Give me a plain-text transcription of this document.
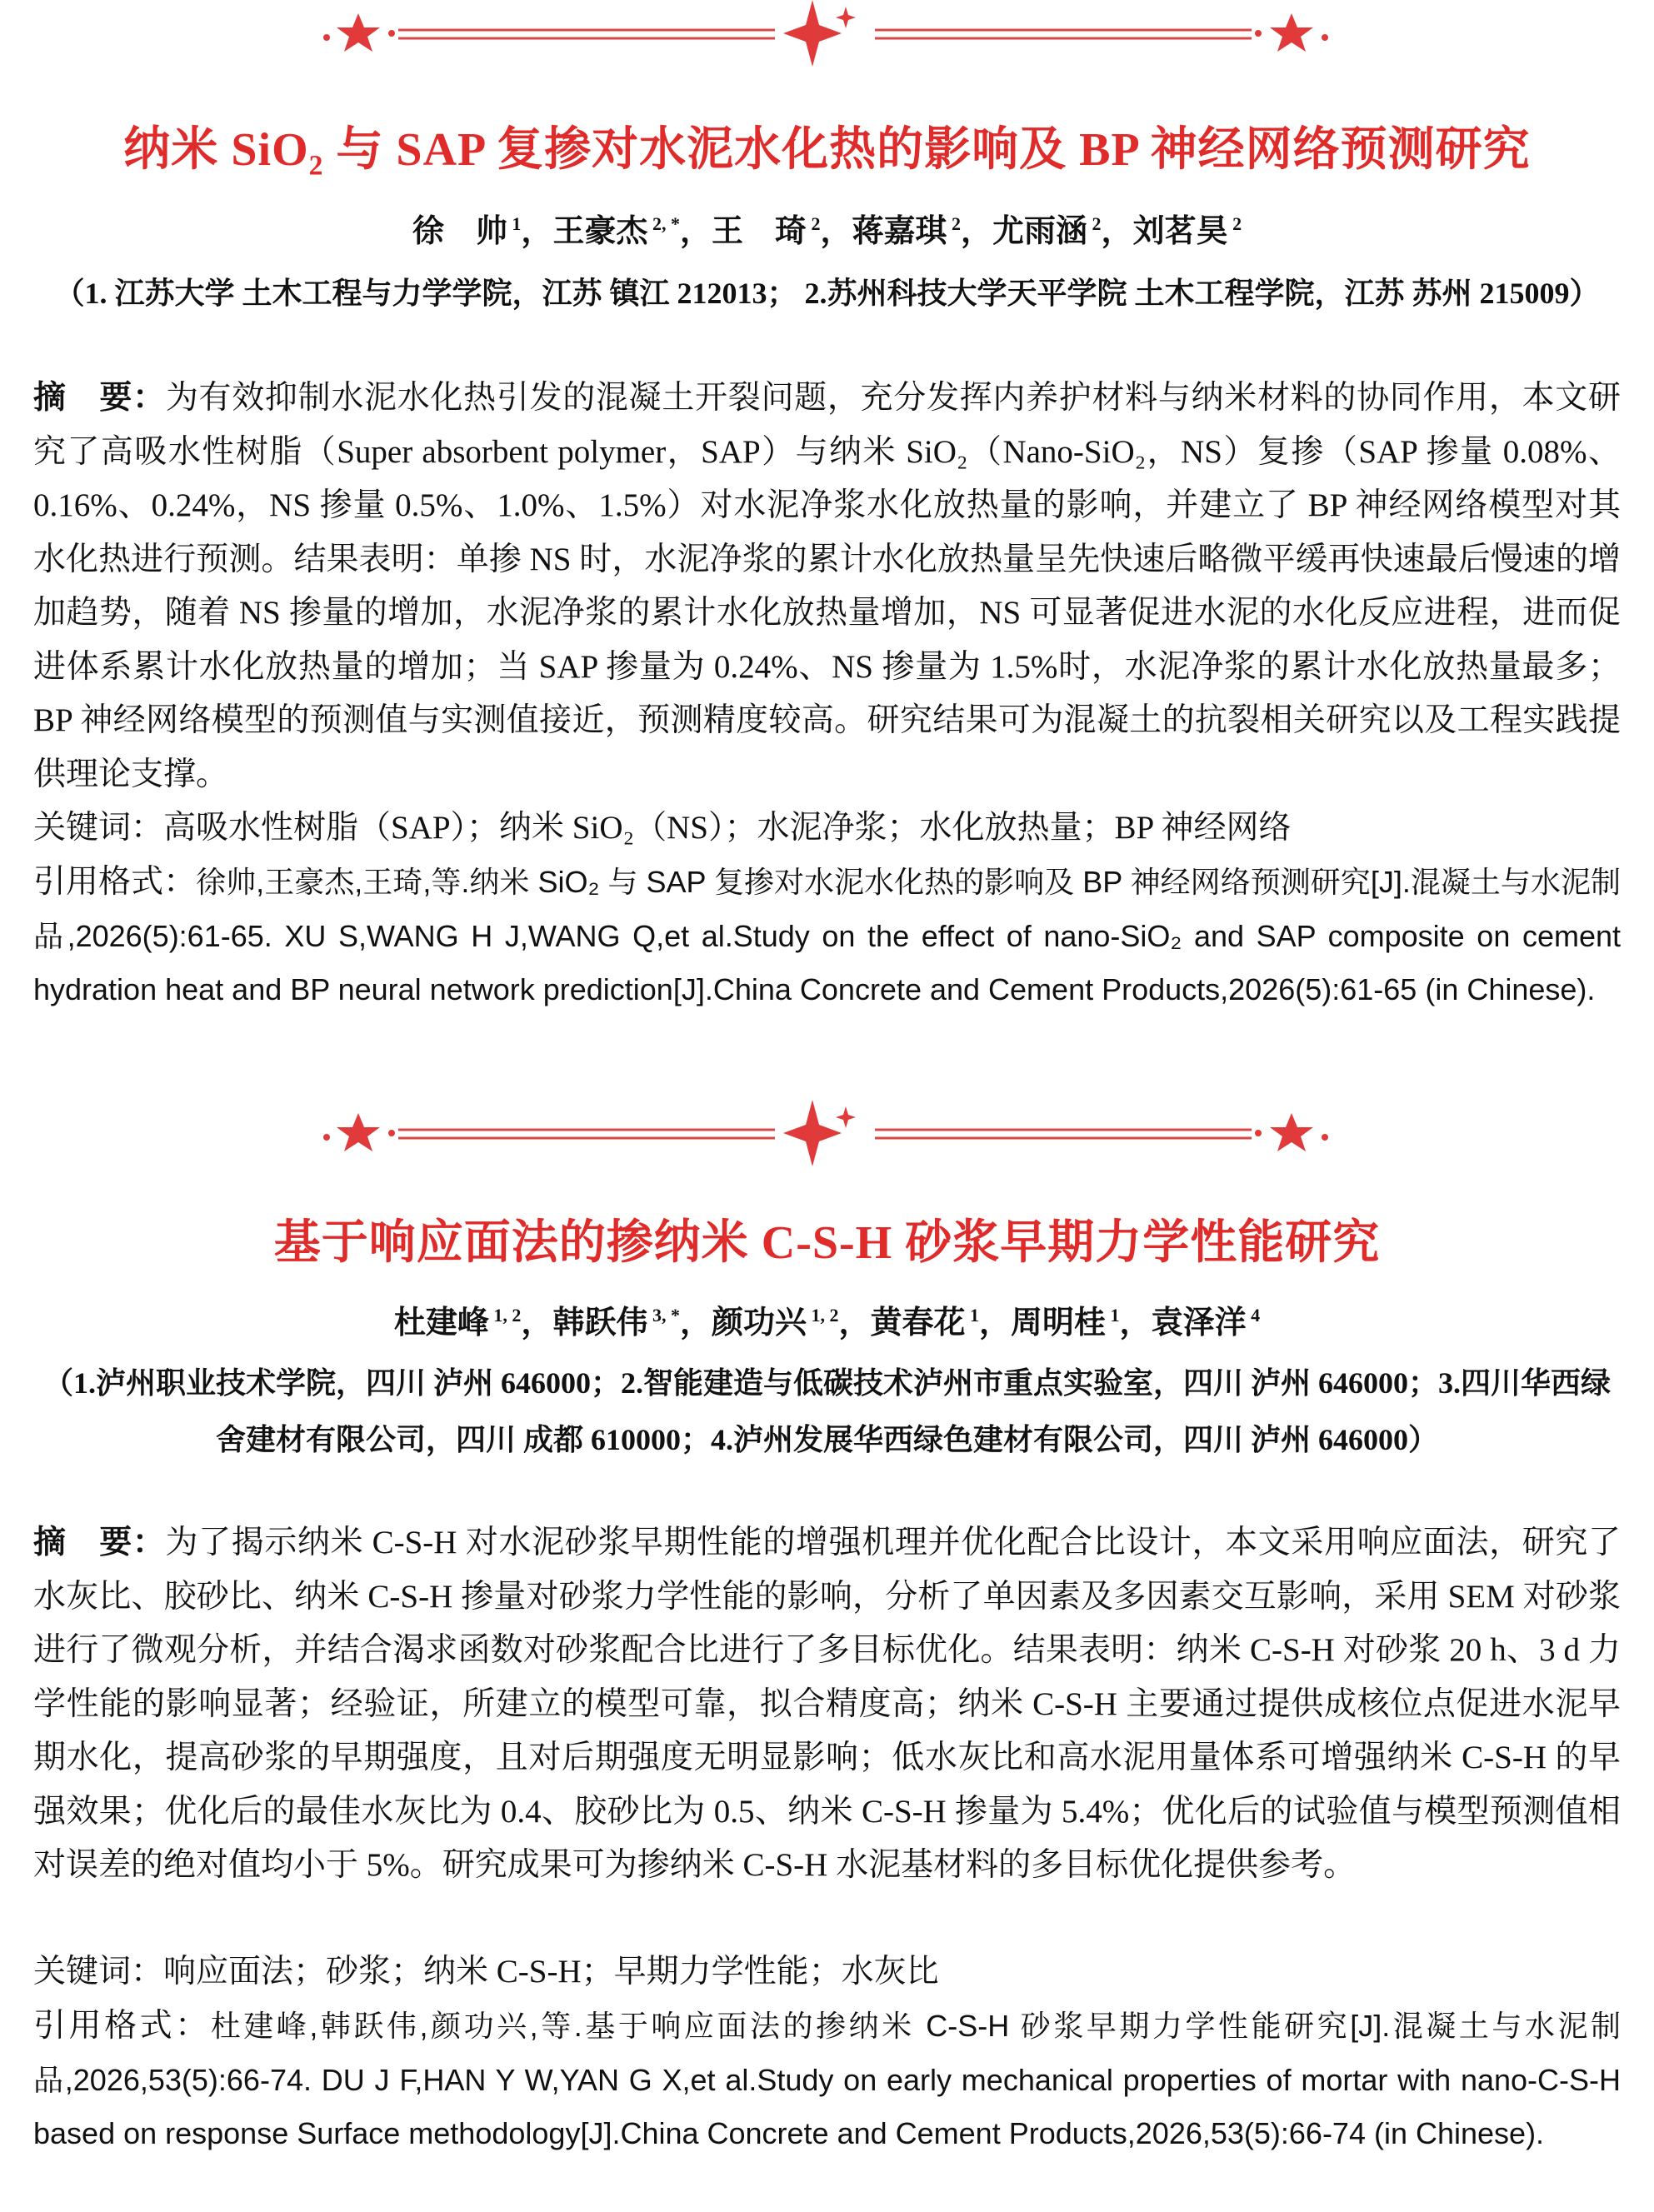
纳米 SiO₂ 与 SAP 复掺对水泥水化热的影响及 BP 神经网络预测研究
徐　帅 $^1$，王豪杰 $^{2, *}$，王　琦 $^2$，蒋嘉琪 $^2$，尤雨涵 $^2$，刘茗昊 $^2$
（1. 江苏大学 土木工程与力学学院，江苏 镇江 212013； 2.苏州科技大学天平学院 土木工程学院，江苏 苏州 215009）
摘　要：为有效抑制水泥水化热引发的混凝土开裂问题，充分发挥内养护材料与纳米材料的协同作用，本文研究了高吸水性树脂（Super absorbent polymer，SAP）与纳米 SiO₂（Nano-SiO₂，NS）复掺（SAP 掺量 0.08%、0.16%、0.24%，NS 掺量 0.5%、1.0%、1.5%）对水泥净浆水化放热量的影响，并建立了 BP 神经网络模型对其水化热进行预测。结果表明：单掺 NS 时，水泥净浆的累计水化放热量呈先快速后略微平缓再快速最后慢速的增加趋势，随着 NS 掺量的增加，水泥净浆的累计水化放热量增加，NS 可显著促进水泥的水化反应进程，进而促进体系累计水化放热量的增加；当 SAP 掺量为 0.24%、NS 掺量为 1.5%时，水泥净浆的累计水化放热量最多；BP 神经网络模型的预测值与实测值接近，预测精度较高。研究结果可为混凝土的抗裂相关研究以及工程实践提供理论支撑。
关键词：高吸水性树脂（SAP）；纳米 SiO₂（NS）；水泥净浆；水化放热量；BP 神经网络
引用格式：徐帅,王豪杰,王琦,等.纳米 SiO₂ 与 SAP 复掺对水泥水化热的影响及 BP 神经网络预测研究[J].混凝土与水泥制品,2026(5):61-65. XU S,WANG H J,WANG Q,et al.Study on the effect of nano-SiO₂ and SAP composite on cement hydration heat and BP neural network prediction[J].China Concrete and Cement Products,2026(5):61-65 (in Chinese).
基于响应面法的掺纳米 C-S-H 砂浆早期力学性能研究
杜建峰 $^{1, 2}$，韩跃伟 $^{3, *}$，颜功兴 $^{1, 2}$，黄春花 $^1$，周明桂 $^1$，袁泽洋 $^4$
（1.泸州职业技术学院，四川 泸州 646000；2.智能建造与低碳技术泸州市重点实验室，四川 泸州 646000；3.四川华西绿舍建材有限公司，四川 成都 610000；4.泸州发展华西绿色建材有限公司，四川 泸州 646000）
摘　要：为了揭示纳米 C-S-H 对水泥砂浆早期性能的增强机理并优化配合比设计，本文采用响应面法，研究了水灰比、胶砂比、纳米 C-S-H 掺量对砂浆力学性能的影响，分析了单因素及多因素交互影响，采用 SEM 对砂浆进行了微观分析，并结合渴求函数对砂浆配合比进行了多目标优化。结果表明：纳米 C-S-H 对砂浆 20 h、3 d 力学性能的影响显著；经验证，所建立的模型可靠，拟合精度高；纳米 C-S-H 主要通过提供成核位点促进水泥早期水化，提高砂浆的早期强度，且对后期强度无明显影响；低水灰比和高水泥用量体系可增强纳米 C-S-H 的早强效果；优化后的最佳水灰比为 0.4、胶砂比为 0.5、纳米 C-S-H 掺量为 5.4%；优化后的试验值与模型预测值相对误差的绝对值均小于 5%。研究成果可为掺纳米 C-S-H 水泥基材料的多目标优化提供参考。
关键词：响应面法；砂浆；纳米 C-S-H；早期力学性能；水灰比
引用格式：杜建峰,韩跃伟,颜功兴,等.基于响应面法的掺纳米 C-S-H 砂浆早期力学性能研究[J].混凝土与水泥制品,2026,53(5):66-74. DU J F,HAN Y W,YAN G X,et al.Study on early mechanical properties of mortar with nano-C-S-H based on response Surface methodology[J].China Concrete and Cement Products,2026,53(5):66-74 (in Chinese).
